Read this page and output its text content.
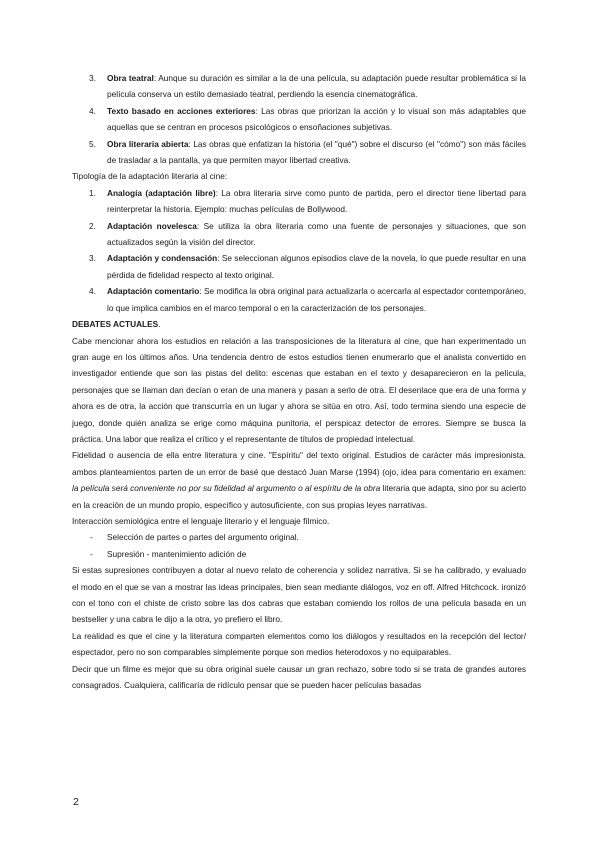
3. Obra teatral: Aunque su duración es similar a la de una película, su adaptación puede resultar problemática si la película conserva un estilo demasiado teatral, perdiendo la esencia cinematográfica.
4. Texto basado en acciones exteriores: Las obras que priorizan la acción y lo visual son más adaptables que aquellas que se centran en procesos psicológicos o ensoñaciones subjetivas.
5. Obra literaria abierta: Las obras que enfatizan la historia (el "qué") sobre el discurso (el "cómo") son más fáciles de trasladar a la pantalla, ya que permiten mayor libertad creativa.

Tipología de la adaptación literaria al cine:

1. Analogía (adaptación libre): La obra literaria sirve como punto de partida, pero el director tiene libertad para reinterpretar la historia. Ejemplo: muchas películas de Bollywood.
2. Adaptación novelesca: Se utiliza la obra literaria como una fuente de personajes y situaciones, que son actualizados según la visión del director.
3. Adaptación y condensación: Se seleccionan algunos episodios clave de la novela, lo que puede resultar en una pérdida de fidelidad respecto al texto original.
4. Adaptación comentario: Se modifica la obra original para actualizarla o acercarla al espectador contemporáneo, lo que implica cambios en el marco temporal o en la caracterización de los personajes.

DEBATES ACTUALES.

Cabe mencionar ahora los estudios en relación a las transposiciones de la literatura al cine, que han experimentado un gran auge en los últimos años. Una tendencia dentro de estos estudios tienen enumerarlo que el analista convertido en investigador entiende que son las pistas del delito: escenas que estaban en el texto y desaparecieron en la película, personajes que se llaman dan decían o eran de una manera y pasan a serlo de otra. El desenlace que era de una forma y ahora es de otra, la acción que transcurría en un lugar y ahora se sitúa en otro. Así, todo termina siendo una especie de juego, donde quién analiza se erige como máquina punitoria, el perspicaz detector de errores. Siempre se busca la práctica. Una labor que realiza el crítico y el representante de títulos de propiedad intelectual.

Fidelidad o ausencia de ella entre literatura y cine. "Espíritu" del texto original. Estudios de carácter más impresionista. ambos planteamientos parten de un error de basé que destacó Juan Marse (1994) (ojo, idea para comentario en examen: la película será conveniente no por su fidelidad al argumento o al espíritu de la obra literaria que adapta, sino por su acierto en la creación de un mundo propio, específico y autosuficiente, con sus propias leyes narrativas.

Interacción semiológica entre el lenguaje literario y el lenguaje fílmico.

- Selección de partes o partes del argumento original.
- Supresión - mantenimiento adición de

Si estas supresiones contribuyen a dotar al nuevo relato de coherencia y solidez narrativa. Si se ha calibrado, y evaluado el modo en el que se van a mostrar las ideas principales, bien sean mediante diálogos, voz en off. Alfred Hitchcock. ironizó con el tono con el chiste de cristo sobre las dos cabras que estaban comiendo los rollos de una película basada en un bestseller y una cabra le dijo a la otra, yo prefiero el libro.

La realidad es que el cine y la literatura comparten elementos como los diálogos y resultados en la recepción del lector/ espectador, pero no son comparables simplemente porque son medios heterodoxos y no equiparables.

Decir que un filme es mejor que su obra original suele causar un gran rechazo, sobre todo si se trata de grandes autores consagrados. Cualquiera, calificaría de ridículo pensar que se pueden hacer películas basadas

2
